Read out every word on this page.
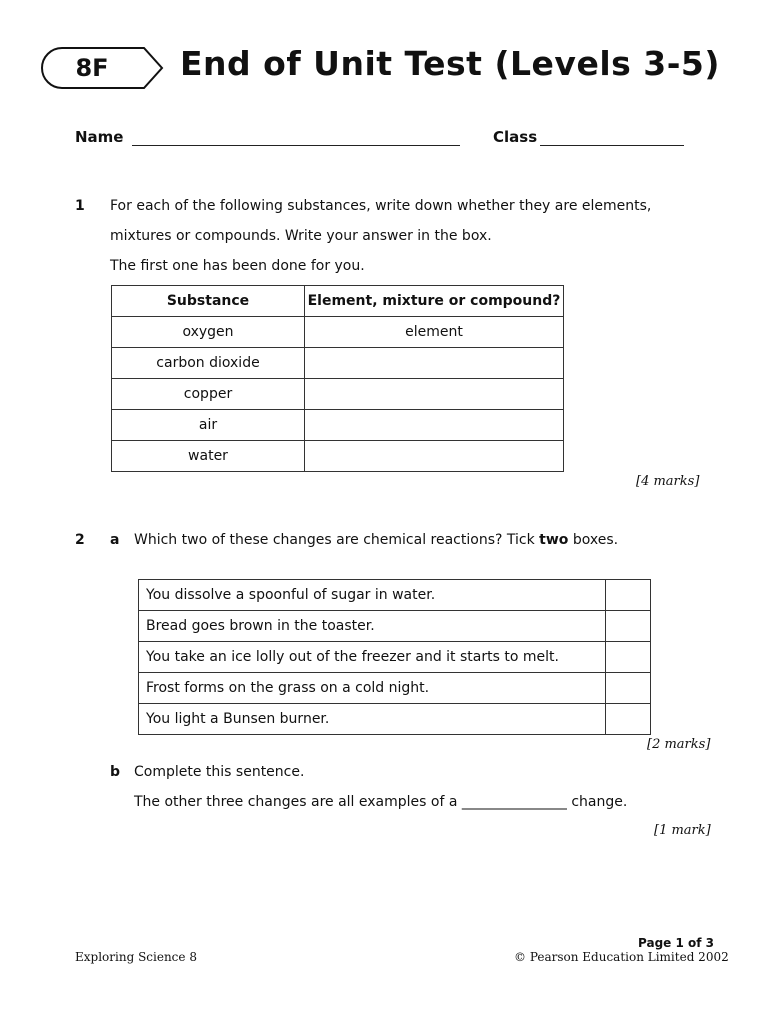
8F	End of Unit Test (Levels 3-5)
Name	Class
1 For each of the following substances, write down whether they are elements,
mixtures or compounds. Write your answer in the box.
The first one has been done for you.
Substance	Element, mixture or compound?
oxygen	element
carbon dioxide	
copper	
air	
water	
[4 marks]
2 a Which two of these changes are chemical reactions? Tick two boxes.
You dissolve a spoonful of sugar in water.	
Bread goes brown in the toaster.	
You take an ice lolly out of the freezer and it starts to melt.	
Frost forms on the grass on a cold night.	
You light a Bunsen burner.	
[2 marks]
b Complete this sentence.
The other three changes are all examples of a _______________ change.
[1 mark]
Page 1 of 3
Exploring Science 8	© Pearson Education Limited 2002
